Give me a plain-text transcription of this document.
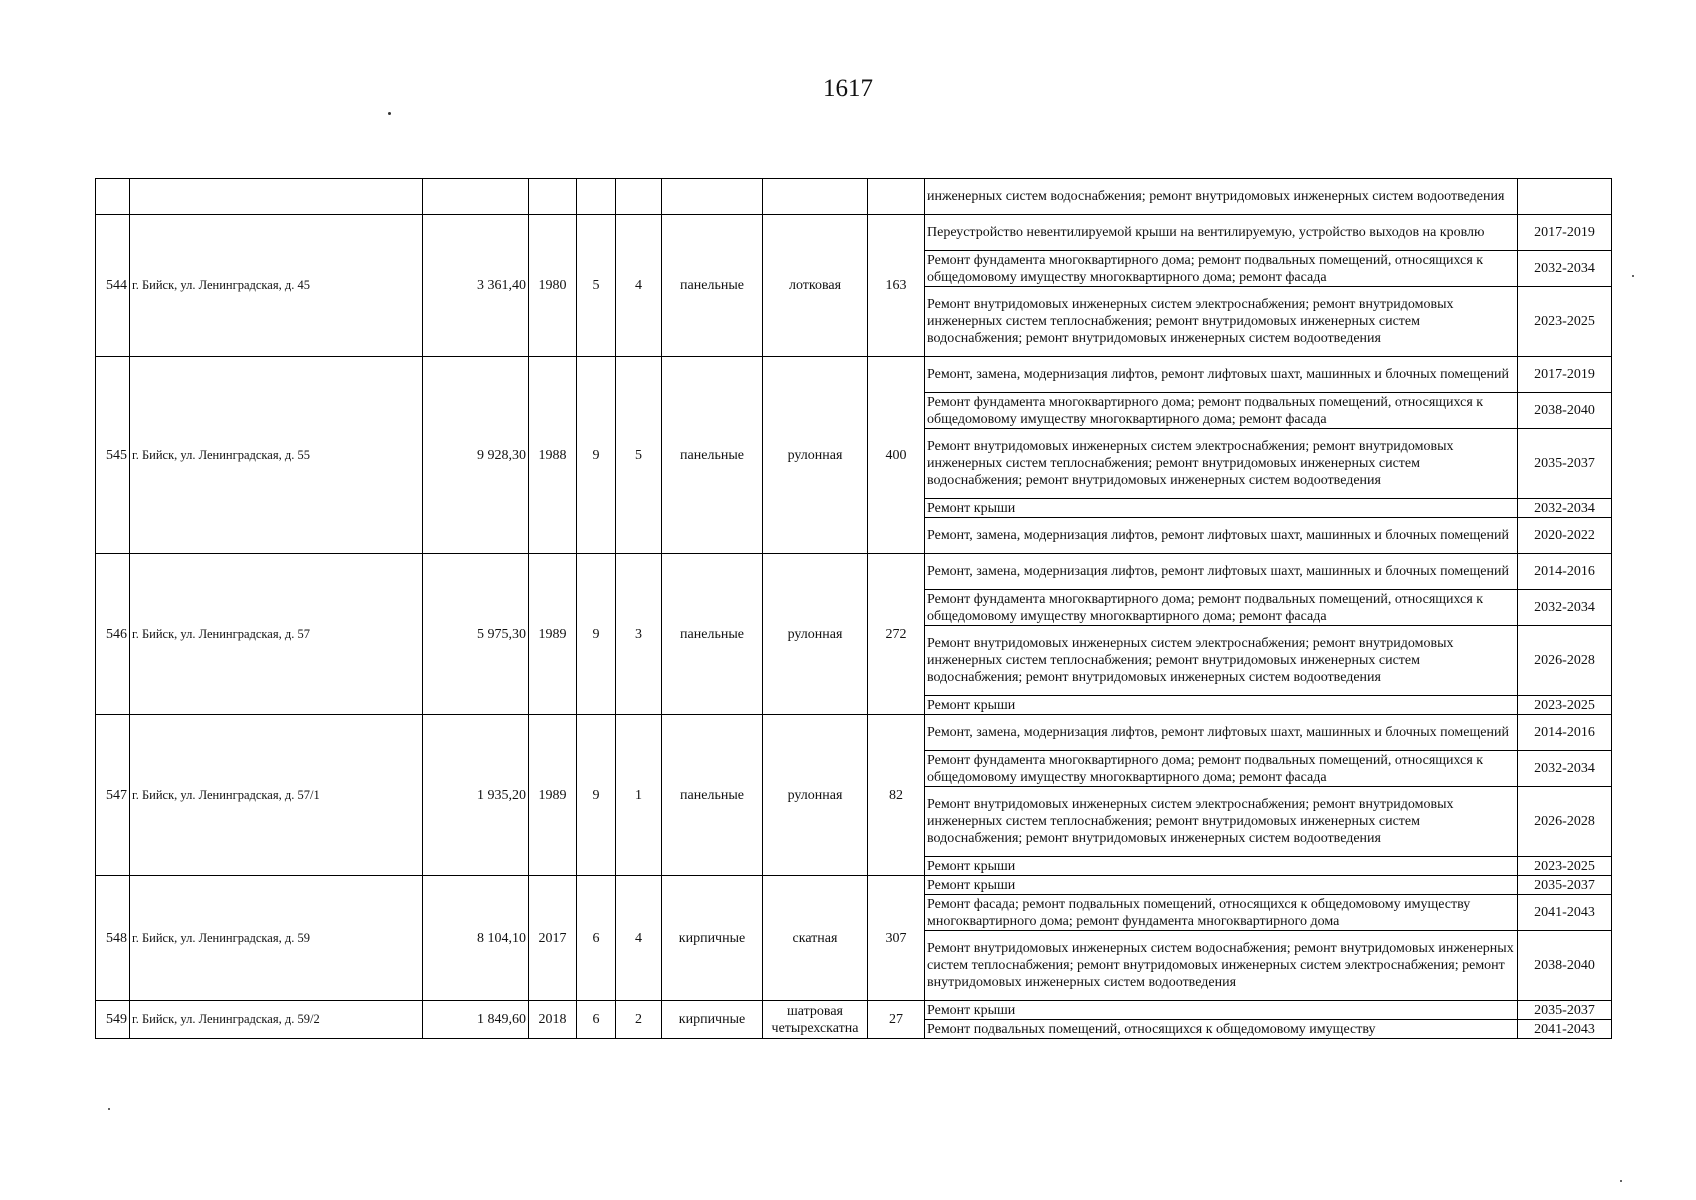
1617
									инженерных систем водоснабжения; ремонт внутридомовых инженерных систем водоотведения	
544	г. Бийск, ул. Ленинградская, д. 45	3 361,40	1980	5	4	панельные	лотковая	163	Переустройство невентилируемой крыши на вентилируемую, устройство выходов на кровлю	2017-2019
									Ремонт фундамента многоквартирного дома; ремонт подвальных помещений, относящихся к общедомовому имуществу многоквартирного дома; ремонт фасада	2032-2034
									Ремонт внутридомовых инженерных систем электроснабжения; ремонт внутридомовых инженерных систем теплоснабжения; ремонт внутридомовых инженерных систем водоснабжения; ремонт внутридомовых инженерных систем водоотведения	2023-2025
545	г. Бийск, ул. Ленинградская, д. 55	9 928,30	1988	9	5	панельные	рулонная	400	Ремонт, замена, модернизация лифтов, ремонт лифтовых шахт, машинных и блочных помещений	2017-2019
									Ремонт фундамента многоквартирного дома; ремонт подвальных помещений, относящихся к общедомовому имуществу многоквартирного дома; ремонт фасада	2038-2040
									Ремонт внутридомовых инженерных систем электроснабжения; ремонт внутридомовых инженерных систем теплоснабжения; ремонт внутридомовых инженерных систем водоснабжения; ремонт внутридомовых инженерных систем водоотведения	2035-2037
									Ремонт крыши	2032-2034
									Ремонт, замена, модернизация лифтов, ремонт лифтовых шахт, машинных и блочных помещений	2020-2022
546	г. Бийск, ул. Ленинградская, д. 57	5 975,30	1989	9	3	панельные	рулонная	272	Ремонт, замена, модернизация лифтов, ремонт лифтовых шахт, машинных и блочных помещений	2014-2016
									Ремонт фундамента многоквартирного дома; ремонт подвальных помещений, относящихся к общедомовому имуществу многоквартирного дома; ремонт фасада	2032-2034
									Ремонт внутридомовых инженерных систем электроснабжения; ремонт внутридомовых инженерных систем теплоснабжения; ремонт внутридомовых инженерных систем водоснабжения; ремонт внутридомовых инженерных систем водоотведения	2026-2028
									Ремонт крыши	2023-2025
547	г. Бийск, ул. Ленинградская, д. 57/1	1 935,20	1989	9	1	панельные	рулонная	82	Ремонт, замена, модернизация лифтов, ремонт лифтовых шахт, машинных и блочных помещений	2014-2016
									Ремонт фундамента многоквартирного дома; ремонт подвальных помещений, относящихся к общедомовому имуществу многоквартирного дома; ремонт фасада	2032-2034
									Ремонт внутридомовых инженерных систем электроснабжения; ремонт внутридомовых инженерных систем теплоснабжения; ремонт внутридомовых инженерных систем водоснабжения; ремонт внутридомовых инженерных систем водоотведения	2026-2028
									Ремонт крыши	2023-2025
548	г. Бийск, ул. Ленинградская, д. 59	8 104,10	2017	6	4	кирпичные	скатная	307	Ремонт крыши	2035-2037
									Ремонт фасада; ремонт подвальных помещений, относящихся к общедомовому имуществу многоквартирного дома; ремонт фундамента многоквартирного дома	2041-2043
									Ремонт внутридомовых инженерных систем водоснабжения; ремонт внутридомовых инженерных систем теплоснабжения; ремонт внутридомовых инженерных систем электроснабжения; ремонт внутридомовых инженерных систем водоотведения	2038-2040
549	г. Бийск, ул. Ленинградская, д. 59/2	1 849,60	2018	6	2	кирпичные	шатровая четырехскатна	27	Ремонт крыши	2035-2037
									Ремонт подвальных помещений, относящихся к общедомовому имуществу	2041-2043
